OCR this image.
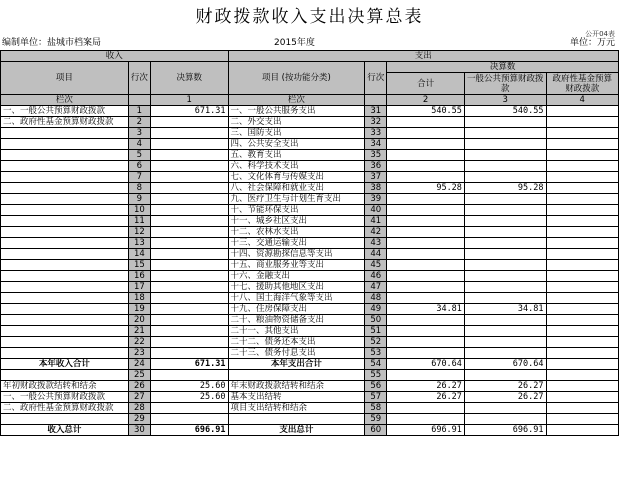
财政拨款收入支出决算总表
公开04表
编制单位：盐城市档案局	2015年度	单位：万元
收入			支出				
项目	行次	决算数	项目 (按功能分类)	行次	决算数		
					合计	一般公共预算财政拨款	政府性基金预算财政拨款

栏次		1	栏次		2	3	4
一、一般公共预算财政拨款	1	671.31	一、一般公共服务支出	31	540.55	540.55	
二、政府性基金预算财政拨款	2		二、外交支出	32			
	3		三、国防支出	33			
	4		四、公共安全支出	34			
	5		五、教育支出	35			
	6		六、科学技术支出	36			
	7		七、文化体育与传媒支出	37			
	8		八、社会保障和就业支出	38	95.28	95.28	
	9		九、医疗卫生与计划生育支出	39			
	10		十、节能环保支出	40			
	11		十一、城乡社区支出	41			
	12		十二、农林水支出	42			
	13		十三、交通运输支出	43			
	14		十四、资源勘探信息等支出	44			
	15		十五、商业服务业等支出	45			
	16		十六、金融支出	46			
	17		十七、援助其他地区支出	47			
	18		十八、国土海洋气象等支出	48			
	19		十九、住房保障支出	49	34.81	34.81	
	20		二十、粮油物资储备支出	50			
	21		二十一、其他支出	51			
	22		二十二、债务还本支出	52			
	23		二十三、债务付息支出	53			
本年收入合计	24	671.31	本年支出合计	54	670.64	670.64	
	25			55			
年初财政拨款结转和结余	26	25.60	年末财政拨款结转和结余	56	26.27	26.27	
一、一般公共预算财政拨款	27	25.60	基本支出结转	57	26.27	26.27	
二、政府性基金预算财政拨款	28		项目支出结转和结余	58			
	29			59			
收入总计	30	696.91	支出总计	60	696.91	696.91	
